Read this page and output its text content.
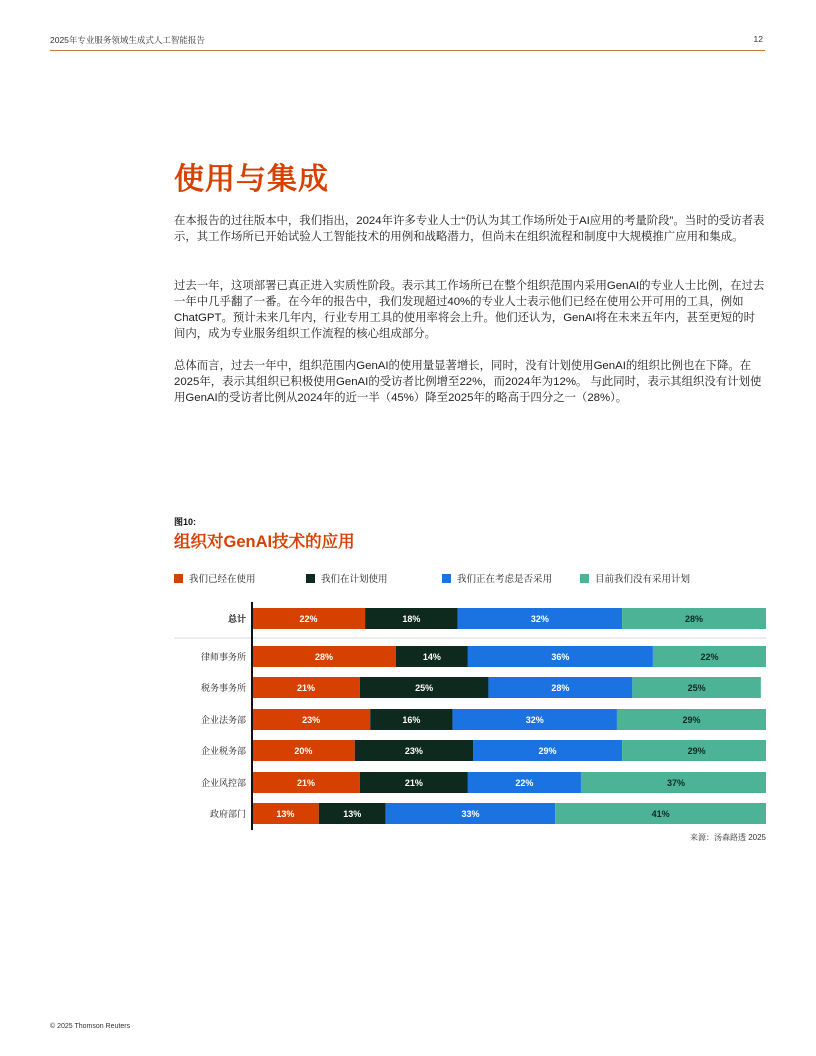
2025年专业服务领域生成式人工智能报告	12
使用与集成

在本报告的过往版本中，我们指出，2024年许多专业人士“仍认为其工作场所处于AI应用的考量阶段”。当时的受访者表示，其工作场所已开始试验人工智能技术的用例和战略潜力，但尚未在组织流程和制度中大规模推广应用和集成。

过去一年，这项部署已真正进入实质性阶段。表示其工作场所已在整个组织范围内采用GenAI的专业人士比例，在过去一年中几乎翻了一番。在今年的报告中，我们发现超过40%的专业人士表示他们已经在使用公开可用的工具，例如ChatGPT。预计未来几年内，行业专用工具的使用率将会上升。他们还认为，GenAI将在未来五年内，甚至更短的时间内，成为专业服务组织工作流程的核心组成部分。

总体而言，过去一年中，组织范围内GenAI的使用量显著增长，同时，没有计划使用GenAI的组织比例也在下降。在2025年，表示其组织已积极使用GenAI的受访者比例增至22%，而2024年为12%。 与此同时，表示其组织没有计划使用GenAI的受访者比例从2024年的近一半（45%）降至2025年的略高于四分之一（28%）。

图10:
组织对GenAI技术的应用
我们已经在使用	我们在计划使用	我们正在考虑是否采用	目前我们没有采用计划
总计	22%	18%	32%	28%
律师事务所	28%	14%	36%	22%
税务事务所	21%	25%	28%	25%
企业法务部	23%	16%	32%	29%
企业税务部	20%	23%	29%	29%
企业风控部	21%	21%	22%	37%
政府部门	13%	13%	33%	41%
来源：汤森路透 2025
© 2025 Thomson Reuters
